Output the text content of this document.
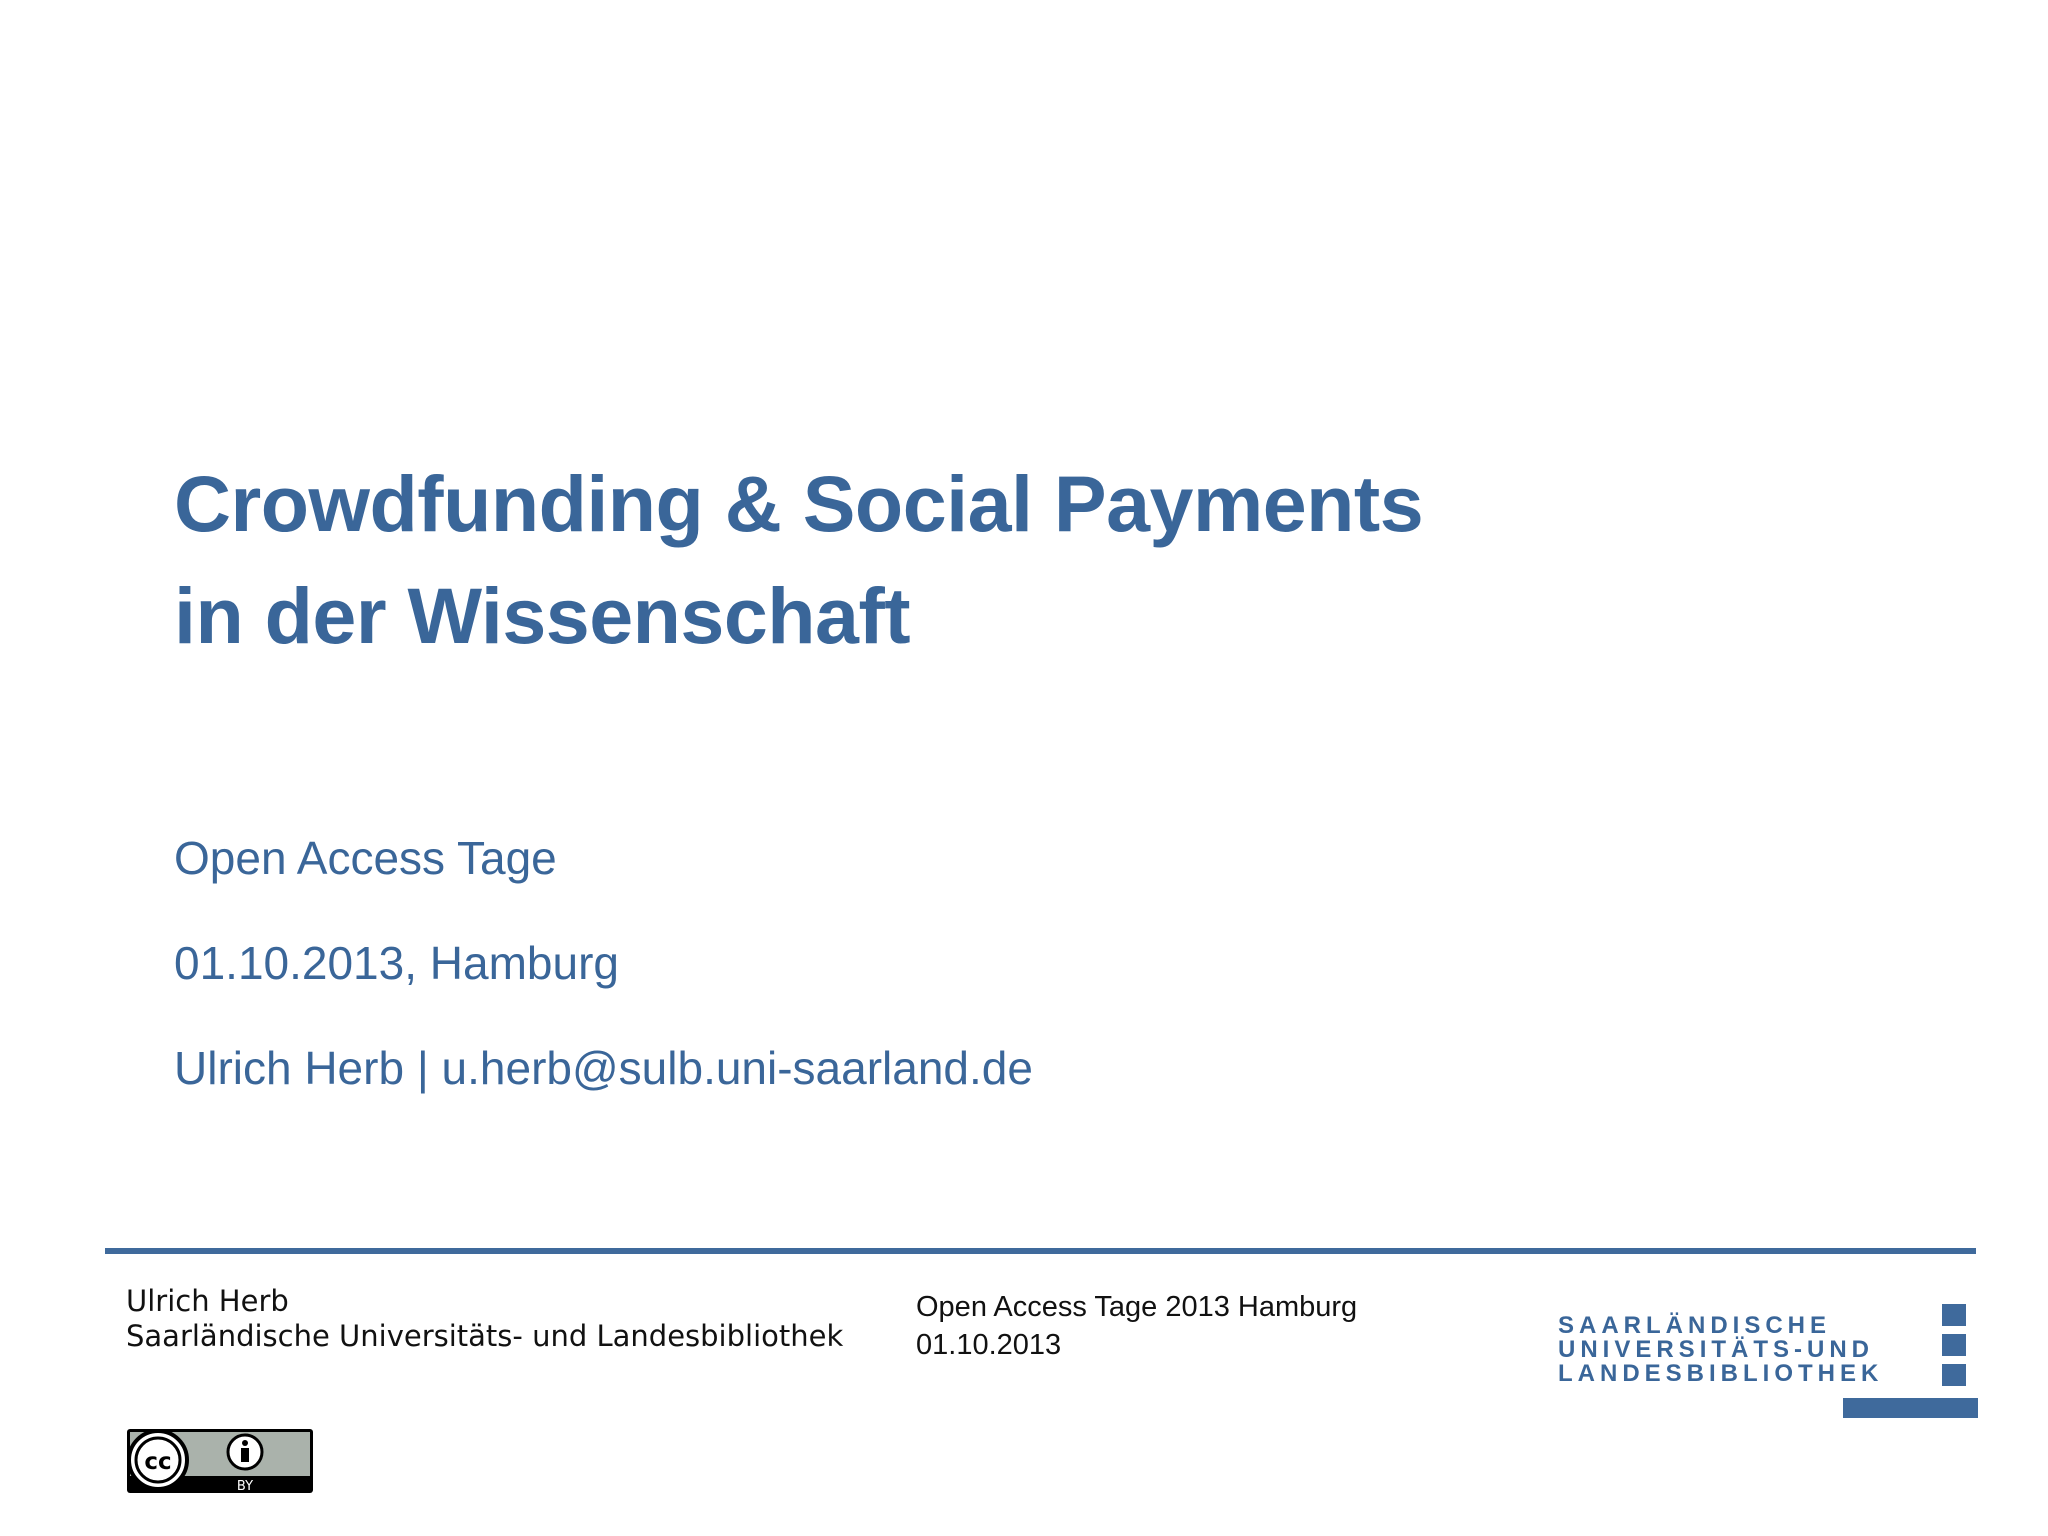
Crowdfunding & Social Payments
in der Wissenschaft
Open Access Tage
01.10.2013, Hamburg
Ulrich Herb | u.herb@sulb.uni-saarland.de
Ulrich Herb
Saarländische Universitäts- und Landesbibliothek
Open Access Tage 2013 Hamburg
01.10.2013
SAARLÄNDISCHE
UNIVERSITÄTS-UND
LANDESBIBLIOTHEK
cc
BY
